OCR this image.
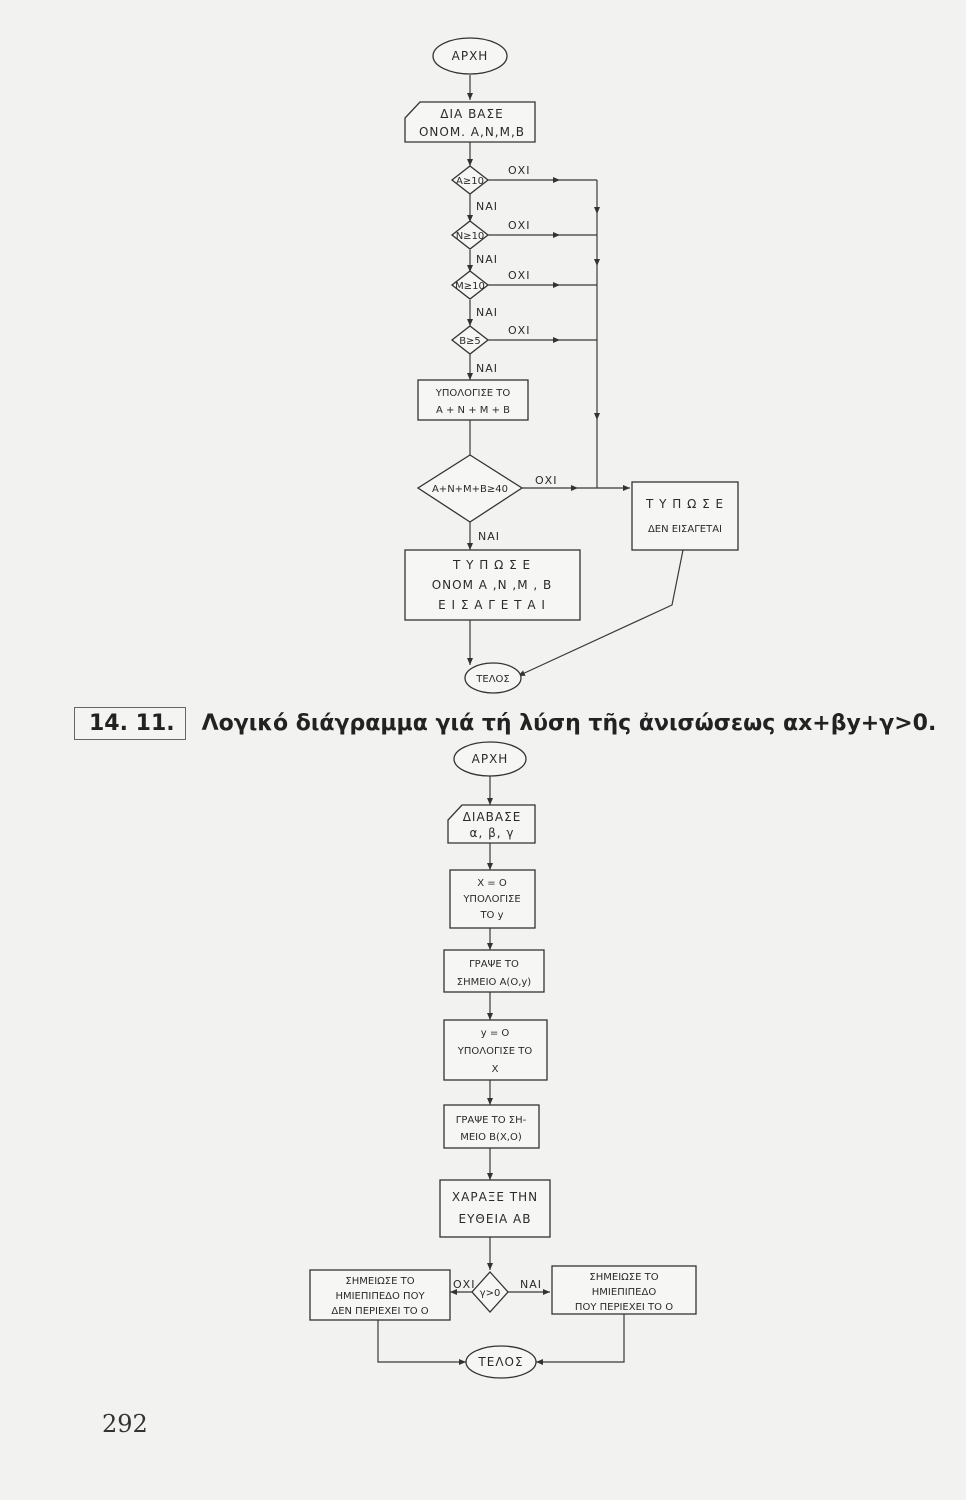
ΑΡΧΗ
ΔΙΑ ΒΑΣΕ
ΟΝΟΜ. Α,Ν,Μ,Β
Α≥10
Ν≥10
Μ≥10
Β≥5
ΥΠΟΛΟΓΙΣΕ ΤΟ
Α + Ν + Μ + Β
Α+Ν+Μ+Β≥40
Τ Υ Π Ω Σ Ε
ΟΝΟΜ Α ,Ν ,Μ , Β
Ε Ι Σ Α Γ Ε Τ Α Ι
Τ Υ Π Ω Σ Ε
ΔΕΝ ΕΙΣΑΓΕΤΑΙ
ΤΕΛΟΣ
ΟΧΙ
ΝΑΙ
ΟΧΙ
ΝΑΙ
ΟΧΙ
ΝΑΙ
ΟΧΙ
ΝΑΙ
ΟΧΙ
ΝΑΙ
ΑΡΧΗ
ΔΙΑΒΑΣΕ
α, β, γ
Χ = Ο
ΥΠΟΛΟΓΙΣΕ
ΤΟ y
ΓΡΑΨΕ ΤΟ
ΣΗΜΕΙΟ Α(Ο,y)
y = O
ΥΠΟΛΟΓΙΣΕ ΤΟ
Χ
ΓΡΑΨΕ ΤΟ ΣΗ-
ΜΕΙΟ Β(Χ,Ο)
ΧΑΡΑΞΕ ΤΗΝ
ΕΥΘΕΙΑ ΑΒ
γ>0
ΣΗΜΕΙΩΣΕ ΤΟ
ΗΜΙΕΠΙΠΕΔΟ ΠΟΥ
ΔΕΝ ΠΕΡΙΕΧΕΙ ΤΟ Ο
ΣΗΜΕΙΩΣΕ ΤΟ
ΗΜΙΕΠΙΠΕΔΟ
ΠΟΥ ΠΕΡΙΕΧΕΙ ΤΟ Ο
ΤΕΛΟΣ
ΟΧΙ	ΝΑΙ
14. 11.	Λογικό διάγραμμα γιά τή λύση τῆς ἀνισώσεως αx+βy+γ>0.
292
